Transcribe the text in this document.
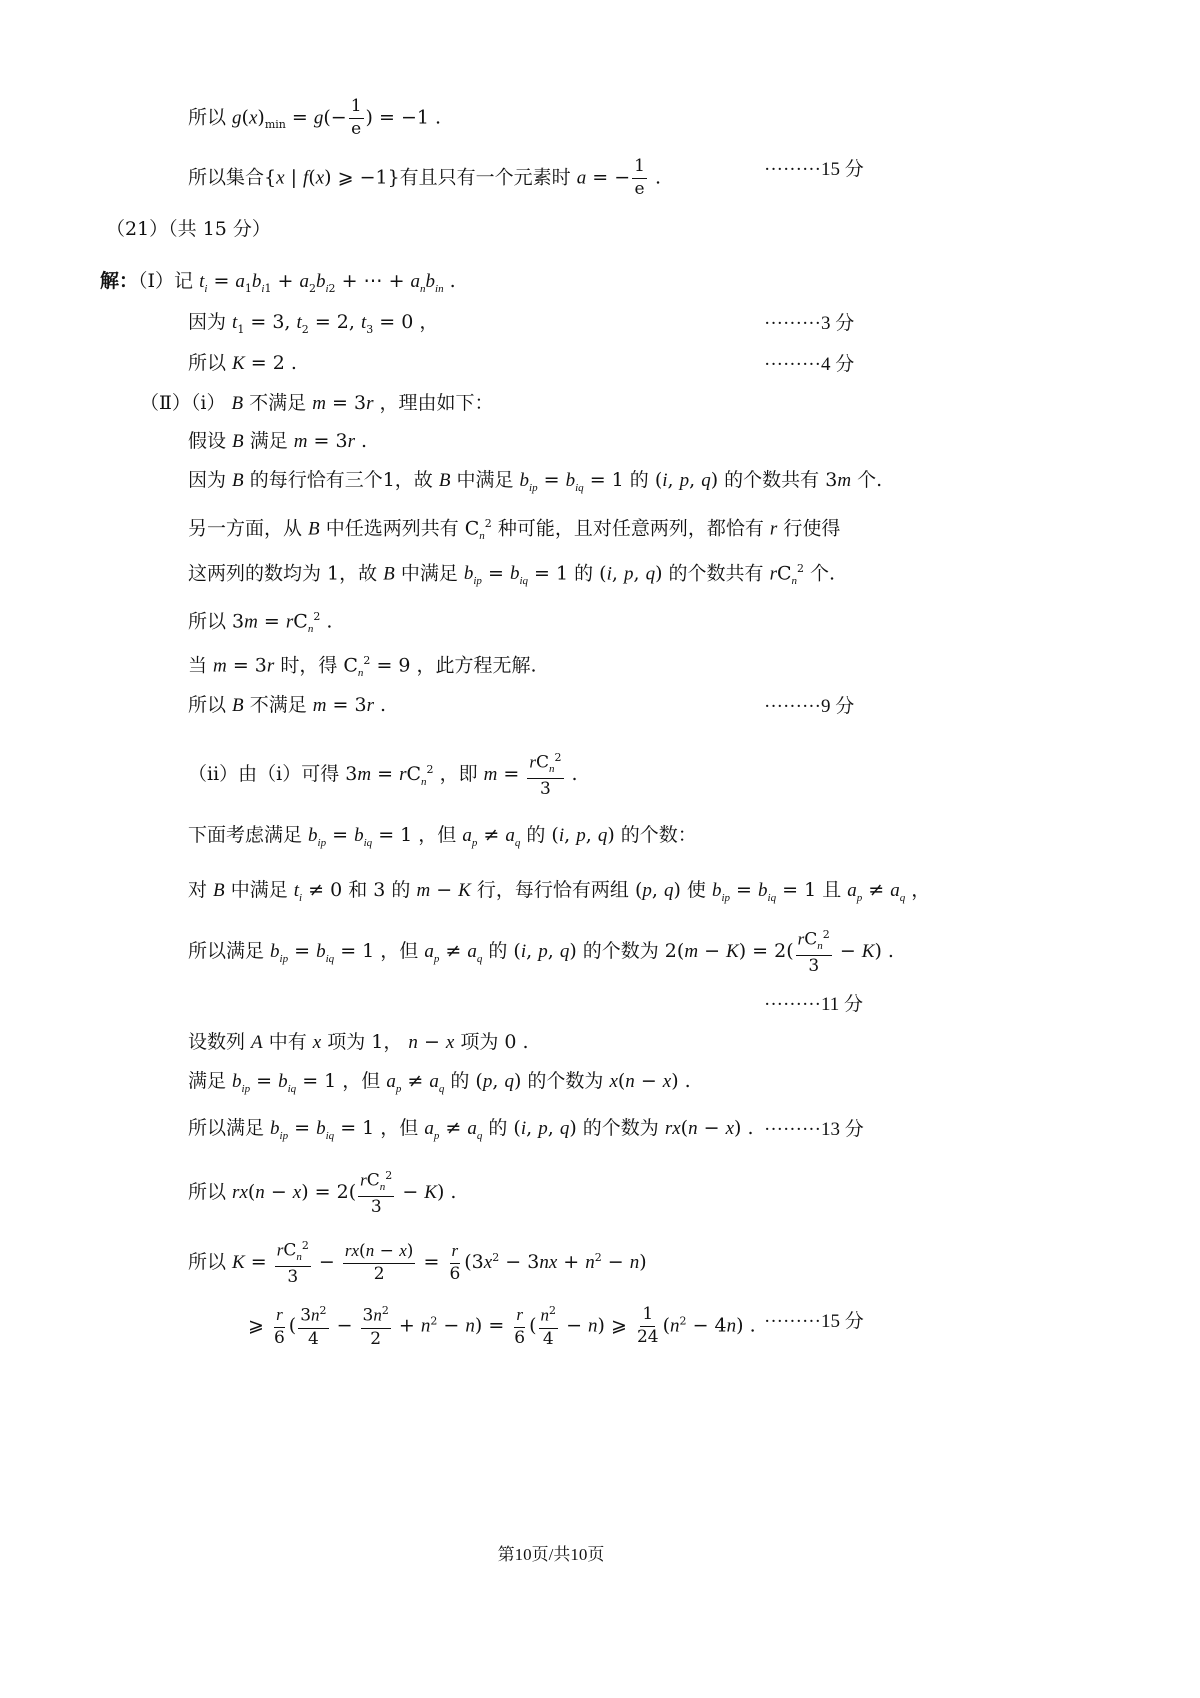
所以 $g(x)_{min} = g(- \frac{1}{e}$ ) = −1 .
所以集合{x | f(x) ⩾ −1}有且只有一个元素时 a = − $\frac{1}{e}$ .	·········15 分
（21）（共 15 分）
解：（Ⅰ）记 $t_i = a_1b_{i1} + a_2b_{i2}$ + ⋯ + $a_nb_{in}$ .
因为 $t_1 = 3$, $t_2 = 2$, $t_3 = 0$ ，	·········3 分
所以 K = 2 .	·········4 分
（Ⅱ）（ⅰ） B 不满足 m = 3r ，理由如下：
假设 B 满足 m = 3r .
因为 B 的每行恰有三个1，故 B 中满足 $b_{ip} = b_{iq} = 1$ 的 (i, p, q) 的个数共有 3m 个.
另一方面，从 B 中任选两列共有 $C_n^2$ 种可能，且对任意两列，都恰有 r 行使得
这两列的数均为 1，故 B 中满足 $b_{ip} = b_{iq} = 1$ 的 (i, p, q) 的个数共有 $rC_n^2$ 个.
所以 $3m = rC_n^2$ .
当 m = 3r 时，得 $C_n^2 = 9$ ，此方程无解.
所以 B 不满足 m = 3r .	·········9 分
（ⅱ）由（ⅰ）可得 $3m = rC_n^2$ ，即 $m = \frac{rC_n^2}{3}$ .
下面考虑满足 $b_{ip} = b_{iq} = 1$ ，但 $a_p \ne a_q$ 的 (i, p, q) 的个数：
对 B 中满足 $t_i \ne 0$ 和 3 的 m − K 行，每行恰有两组 (p, q) 使 $b_{ip} = b_{iq} = 1$ 且 $a_p \ne a_q$ ，
所以满足 $b_{ip} = b_{iq} = 1$ ，但 $a_p \ne a_q$ 的 (i, p, q) 的个数为 $2(m - K) = 2( \frac{rC_n^2}{3} - K)$ .
·········11 分
设数列 A 中有 x 项为 1， n − x 项为 0 .
满足 $b_{ip} = b_{iq} = 1$ ，但 $a_p \ne a_q$ 的 (p, q) 的个数为 x(n − x) .
所以满足 $b_{ip} = b_{iq} = 1$ ，但 $a_p \ne a_q$ 的 (i, p, q) 的个数为 rx(n − x) . ·········13 分
所以 $rx(n - x) = 2( \frac{rC_n^2}{3} - K)$ .
所以 $K = \frac{rC_n^2}{3} - \frac{rx(n - x)}{2} = \frac{r}{6} (3x^2 - 3nx + n^2 - n)$
⩾ $\frac{r}{6}$ ( $\frac{3n^2}{4} - \frac{3n^2}{2} + n^2 - n) = \frac{r}{6}$ ( $\frac{n^2}{4} - n$) ⩾ $\frac{1}{24} (n^2 - 4n)$ . ·········15 分
第10页/共10页
